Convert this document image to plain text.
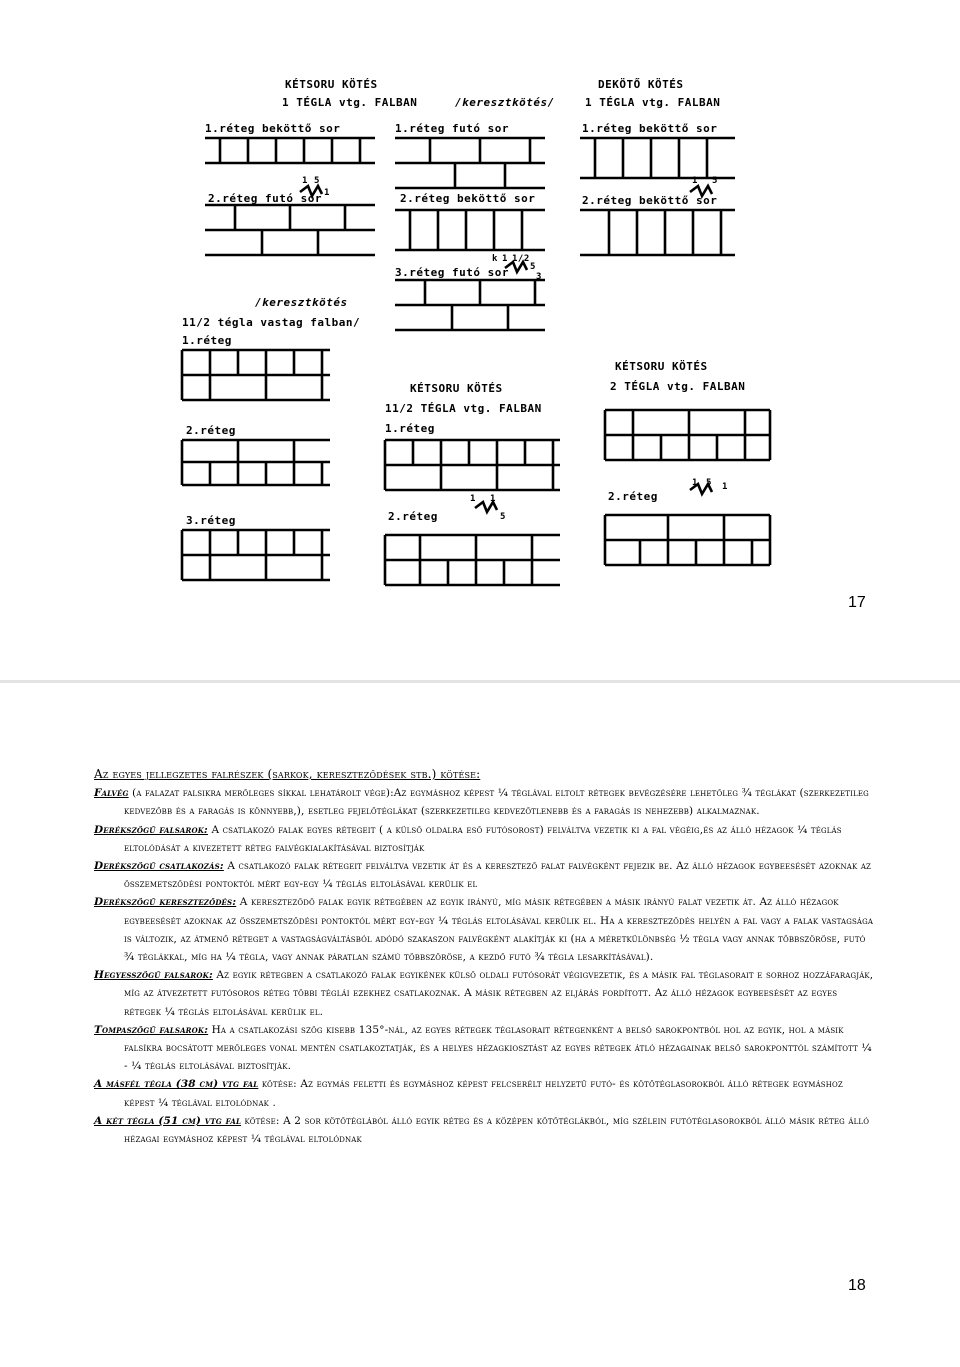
KÉTSORU KÖTÉS
1 TÉGLA vtg. FALBAN
1.réteg beköttő sor
2.réteg futó sor
1 5
1
/keresztkötés/
1.réteg futó sor
2.réteg beköttő sor
3.réteg futó sor
k 1 1/2
5
3
DEKÖTŐ KÖTÉS
1 TÉGLA vtg. FALBAN
1.réteg beköttő sor
2.réteg beköttő sor
1 5
/keresztkötés
11/2 tégla vastag falban/
1.réteg
2.réteg
3.réteg
KÉTSORU KÖTÉS
11/2 TÉGLA vtg. FALBAN
1.réteg
2.réteg
1 1
5
KÉTSORU KÖTÉS
2 TÉGLA vtg. FALBAN
2.réteg
1 5 1
17

Az egyes jellegzetes falrészek (sarkok, kereszteződések stb.) kötése:

Falvég (a falazat falsikra merőleges síkkal lehatárolt vége):Az egymáshoz képest ¼ téglával eltolt rétegek bevégzésére lehetőleg ¾ téglákat (szerkezetileg kedvezőbb és a faragás is könnyebb,), esetleg fejelőtéglákat (szerkezetileg kedvezőtlenebb és a faragás is nehezebb) alkalmaznak.

Derékszögű falsarok: A csatlakozó falak egyes rétegeit ( a külső oldalra eső futósorost) felváltva vezetik ki a fal végéig,és az álló hézagok ¼ téglás eltolódását a kivezetett réteg falvégkialakításával biztosítják

Derékszögű csatlakozás: A csatlakozó falak rétegeit felváltva vezetik át és a keresztező falat falvégként fejezik be. Az álló hézagok egybeesését azoknak az összemetsződési pontoktól mért egy-egy ¼ téglás eltolásával kerülik el

Derékszögű kereszteződés: A kereszteződő falak egyik rétegében az egyik irányú, míg másik rétegében a másik irányú falat vezetik át. Az álló hézagok egybeesését azoknak az összemetsződési pontoktól mért egy-egy ¼ téglás eltolásával kerülik el. Ha a kereszteződés helyén a fal vagy a falak vastagsága is változik, az átmenő réteget a vastagságváltásból adódó szakaszon falvégként alakítják ki (ha a méretkülönbség ½ tégla vagy annak többszöröse, futó ¾ téglákkal, míg ha ¼ tégla, vagy annak páratlan számú többszöröse, a kezdő futó ¾ tégla lesarkításával).

Hegyesszögű falsarok: Az egyik rétegben a csatlakozó falak egyikének külső oldali futósorát végigvezetik, és a másik fal téglasorait e sorhoz hozzáfaragják, míg az átvezetett futósoros réteg többi téglái ezekhez csatlakoznak. A másik rétegben az eljárás fordított. Az álló hézagok egybeesését az egyes rétegek ¼ téglás eltolásával kerülik el.

Tompaszögű falsarok: Ha a csatlakozási szög kisebb 135°-nál, az egyes rétegek téglasorait rétegenként a belső sarokpontból hol az egyik, hol a másik falsíkra bocsátott merőleges vonal mentén csatlakoztatják, és a helyes hézagkiosztást az egyes rétegek átló hézagainak belső sarokponttól számított ¼ - ¼ téglás eltolásával biztosítják.

A másfél tégla (38 cm) vtg fal kötése: Az egymás feletti és egymáshoz képest felcserélt helyzetű futó- és kötőtéglasorokból álló rétegek egymáshoz képest ¼ téglával eltolódnak .

A két tégla (51 cm) vtg fal kötése: A 2 sor kötőtéglából álló egyik réteg és a középen kötőtéglákból, míg szélein futótéglasorokból álló másik réteg álló hézagai egymáshoz képest ¼ téglával eltolódnak

18
